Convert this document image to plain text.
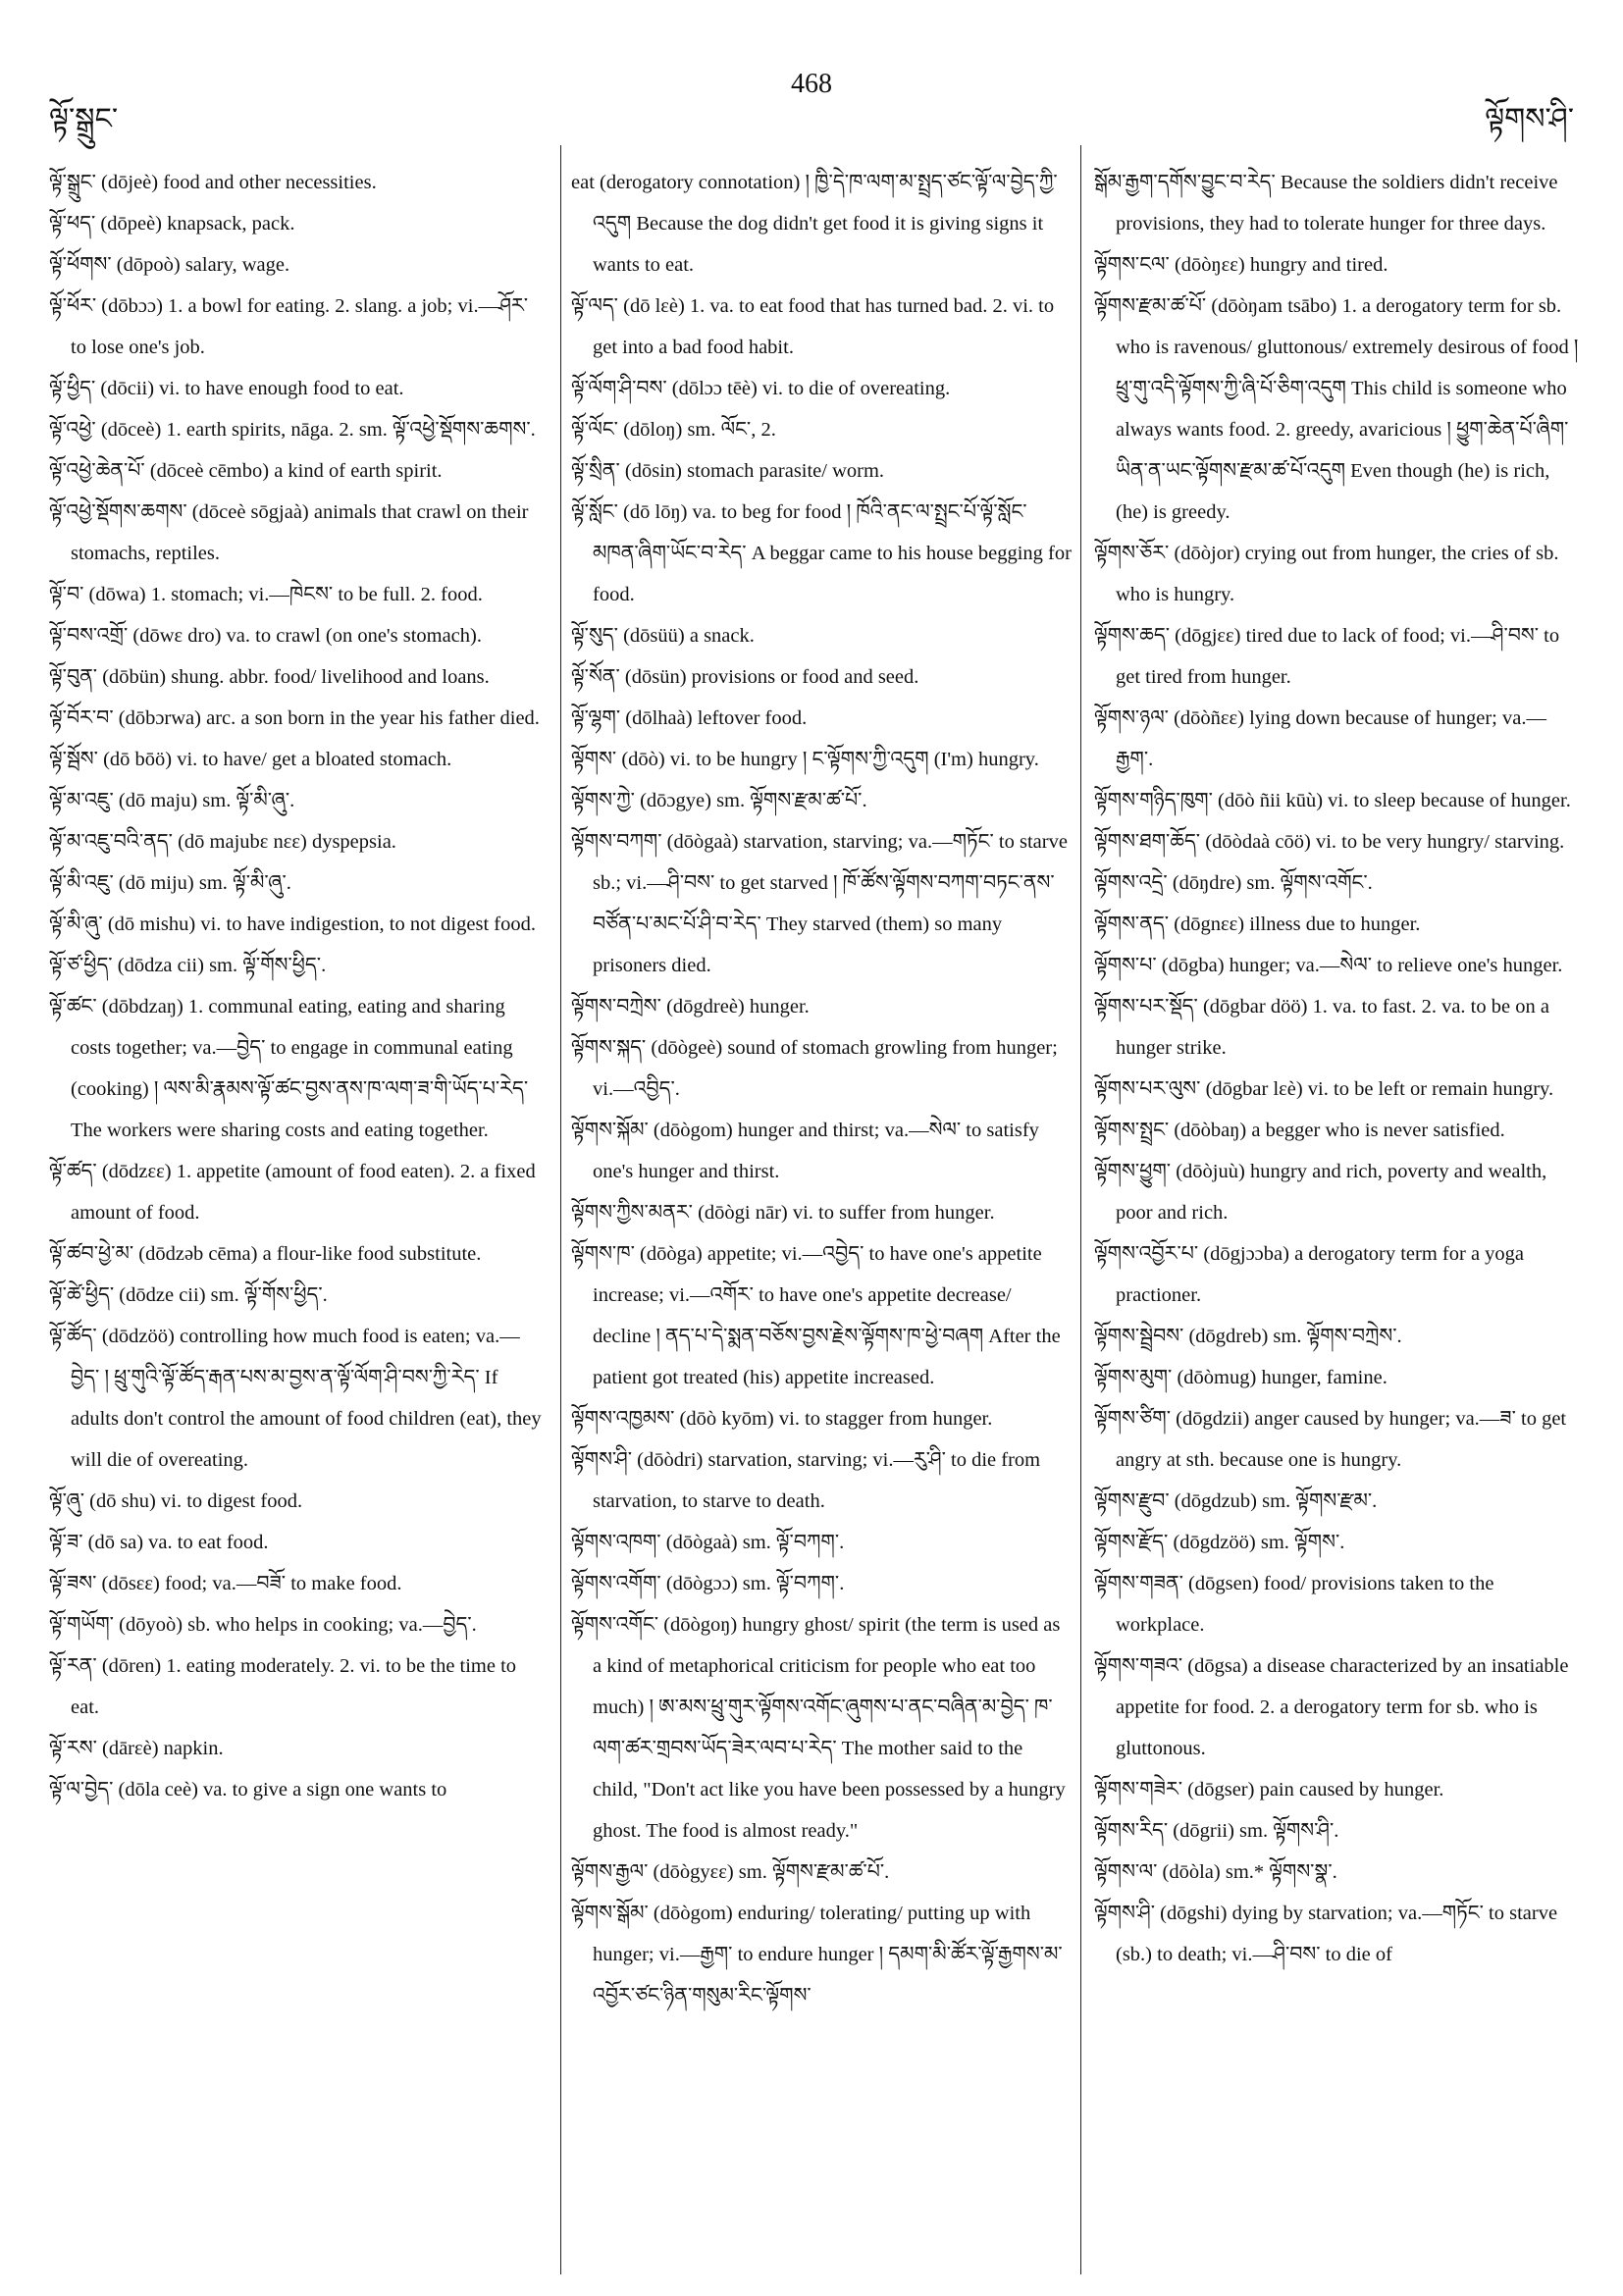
ལྟོ་སྒྲུང་
468
ལྟོགས་ཤི་

ལྟོ་སྒྲུང་ (dōjeè) food and other necessities.

ལྟོ་ཕད་ (dōpeè) knapsack, pack.

ལྟོ་ཕོགས་ (dōpoò) salary, wage.

ལྟོ་ཕོར་ (dōbɔɔ) 1. a bowl for eating. 2. slang. a job; vi.—ཤོར་ to lose one's job.

ལྟོ་ཕྱིད་ (dōcii) vi. to have enough food to eat.

ལྟོ་འཕྱེ་ (dōceè) 1. earth spirits, nāga. 2. sm. ལྟོ་འཕྱེ་སྡོགས་ཆགས་.

ལྟོ་འཕྱེ་ཆེན་པོ་ (dōceè cēmbo) a kind of earth spirit.

ལྟོ་འཕྱེ་སྡོགས་ཆགས་ (dōceè sōgjaà) animals that crawl on their stomachs, reptiles.

ལྟོ་བ་ (dōwa) 1. stomach; vi.—ཁེངས་ to be full. 2. food.

ལྟོ་བས་འགྲོ་ (dōwɛ dro) va. to crawl (on one's stomach).

ལྟོ་བུན་ (dōbün) shung. abbr. food/ livelihood and loans.

ལྟོ་བོར་བ་ (dōbɔrwa) arc. a son born in the year his father died.

ལྟོ་སྦོས་ (dō bōö) vi. to have/ get a bloated stomach.

ལྟོ་མ་འཇུ་ (dō maju) sm. ལྟོ་མི་ཞུ་.

ལྟོ་མ་འཇུ་བའི་ནད་ (dō majubε nεε) dyspepsia.

ལྟོ་མི་འཇུ་ (dō miju) sm. ལྟོ་མི་ཞུ་.

ལྟོ་མི་ཞུ་ (dō mishu) vi. to have indigestion, to not digest food.

ལྟོ་ཙ་ཕྱིད་ (dōdza cii) sm. ལྟོ་གོས་ཕྱིད་.

ལྟོ་ཚང་ (dōbdzaŋ) 1. communal eating, eating and sharing costs together; va.—བྱེད་ to engage in communal eating (cooking) ། ལས་མི་རྣམས་ལྟོ་ཚང་བྱས་ནས་ཁ་ལག་ཟ་གི་ཡོད་པ་རེད་ The workers were sharing costs and eating together.

ལྟོ་ཚད་ (dōdzεε) 1. appetite (amount of food eaten). 2. a fixed amount of food.

ལྟོ་ཚབ་ཕྱེ་མ་ (dōdzəb cēma) a flour-like food substitute.

ལྟོ་ཚེ་ཕྱིད་ (dōdze cii) sm. ལྟོ་གོས་ཕྱིད་.

ལྟོ་ཚོད་ (dōdzöö) controlling how much food is eaten; va.—བྱེད་ ། ཕྲུ་གུའི་ལྟོ་ཚོད་རྒན་པས་མ་བྱས་ན་ལྟོ་ལོག་ཤི་བས་ཀྱི་རེད་ If adults don't control the amount of food children (eat), they will die of overeating.

ལྟོ་ཞུ་ (dō shu) vi. to digest food.

ལྟོ་ཟ་ (dō sa) va. to eat food.

ལྟོ་ཟས་ (dōsεε) food; va.—བཟོ་ to make food.

ལྟོ་གཡོག་ (dōyoò) sb. who helps in cooking; va.—བྱེད་.

ལྟོ་རན་ (dōren) 1. eating moderately. 2. vi. to be the time to eat.

ལྟོ་རས་ (dārεè) napkin.

ལྟོ་ལ་བྱེད་ (dōla ceè) va. to give a sign one wants to

eat (derogatory connotation) ། ཁྱི་དེ་ཁ་ལག་མ་སྤྲད་ཙང་ལྟོ་ལ་བྱེད་ཀྱི་འདུག Because the dog didn't get food it is giving signs it wants to eat.

ལྟོ་ལད་ (dō lεè) 1. va. to eat food that has turned bad. 2. vi. to get into a bad food habit.

ལྟོ་ལོག་ཤི་བས་ (dōlɔɔ tēè) vi. to die of overeating.

ལྟོ་ལོང་ (dōloŋ) sm. ལོང་, 2.

ལྟོ་སྲིན་ (dōsin) stomach parasite/ worm.

ལྟོ་སློང་ (dō lōŋ) va. to beg for food ། ཁོའི་ནང་ལ་སྤྲང་པོ་ལྟོ་སློང་མཁན་ཞིག་ཡོང་བ་རེད་ A beggar came to his house begging for food.

ལྟོ་སུད་ (dōsüü) a snack.

ལྟོ་སོན་ (dōsün) provisions or food and seed.

ལྟོ་ལྷག་ (dōlhaà) leftover food.

ལྟོགས་ (dōò) vi. to be hungry ། ང་ལྟོགས་ཀྱི་འདུག (I'm) hungry.

ལྟོགས་ཀྱེ་ (dōɔgye) sm. ལྟོགས་རྫམ་ཚ་པོ་.

ལྟོགས་བཀག་ (dōògaà) starvation, starving; va.—གཏོང་ to starve sb.; vi.—ཤི་བས་ to get starved ། ཁོ་ཚོས་ལྟོགས་བཀག་བཏང་ནས་བཙོན་པ་མང་པོ་ཤི་བ་རེད་ They starved (them) so many prisoners died.

ལྟོགས་བཀྲེས་ (dōgdreè) hunger.

ལྟོགས་སྐད་ (dōògeè) sound of stomach growling from hunger; vi.—འབྱིད་.

ལྟོགས་སྐོམ་ (dōògom) hunger and thirst; va.—སེལ་ to satisfy one's hunger and thirst.

ལྟོགས་ཀྱིས་མནར་ (dōògi nār) vi. to suffer from hunger.

ལྟོགས་ཁ་ (dōòga) appetite; vi.—འབྱེད་ to have one's appetite increase; vi.—འགོར་ to have one's appetite decrease/ decline ། ནད་པ་དེ་སྨན་བཅོས་བྱས་རྗེས་ལྟོགས་ཁ་ཕྱེ་བཞག After the patient got treated (his) appetite increased.

ལྟོགས་འཁྱམས་ (dōò kyōm) vi. to stagger from hunger.

ལྟོགས་ཤི་ (dōòdri) starvation, starving; vi.—རུ་ཤི་ to die from starvation, to starve to death.

ལྟོགས་འཁག་ (dōògaà) sm. ལྟོ་བཀག་.

ལྟོགས་འགོག་ (dōògɔɔ) sm. ལྟོ་བཀག་.

ལྟོགས་འགོང་ (dōògoŋ) hungry ghost/ spirit (the term is used as a kind of metaphorical criticism for people who eat too much) ། ཨ་མས་ཕྲུ་གུར་ལྟོགས་འགོང་ཞུགས་པ་ནང་བཞིན་མ་བྱེད་ ཁ་ལག་ཚར་གྲབས་ཡོད་ཟེར་ལབ་པ་རེད་ The mother said to the child, "Don't act like you have been possessed by a hungry ghost. The food is almost ready."

ལྟོགས་རྒྱལ་ (dōògyεε) sm. ལྟོགས་རྫམ་ཚ་པོ་.

ལྟོགས་སྒོམ་ (dōògom) enduring/ tolerating/ putting up with hunger; vi.—རྒྱག་ to endure hunger ། དམག་མི་ཚོར་ལྟོ་རྒྱགས་མ་འབྱོར་ཙང་ཉིན་གསུམ་རིང་ལྟོགས་

སྒོམ་རྒྱག་དགོས་བྱུང་བ་རེད་ Because the soldiers didn't receive provisions, they had to tolerate hunger for three days.

ལྟོགས་ངལ་ (dōòŋεε) hungry and tired.

ལྟོགས་རྫམ་ཚ་པོ་ (dōòŋam tsābo) 1. a derogatory term for sb. who is ravenous/ gluttonous/ extremely desirous of food ། ཕྲུ་གུ་འདི་ལྟོགས་ཀྱི་ཞི་པོ་ཅིག་འདུག This child is someone who always wants food. 2. greedy, avaricious ། ཕྱུག་ཆེན་པོ་ཞིག་ཡིན་ན་ཡང་ལྟོགས་རྫམ་ཚ་པོ་འདུག Even though (he) is rich, (he) is greedy.

ལྟོགས་ཅོར་ (dōòjor) crying out from hunger, the cries of sb. who is hungry.

ལྟོགས་ཆད་ (dōgjεε) tired due to lack of food; vi.—ཤི་བས་ to get tired from hunger.

ལྟོགས་ཉལ་ (dōòñεε) lying down because of hunger; va.—རྒྱག་.

ལྟོགས་གཉིད་ཁུག་ (dōò ñii kūù) vi. to sleep because of hunger.

ལྟོགས་ཐག་ཆོད་ (dōòdaà cōö) vi. to be very hungry/ starving.

ལྟོགས་འདྲེ་ (dōŋdre) sm. ལྟོགས་འགོང་.

ལྟོགས་ནད་ (dōgnεε) illness due to hunger.

ལྟོགས་པ་ (dōgba) hunger; va.—སེལ་ to relieve one's hunger.

ལྟོགས་པར་སྡོད་ (dōgbar döö) 1. va. to fast. 2. va. to be on a hunger strike.

ལྟོགས་པར་ལུས་ (dōgbar lεè) vi. to be left or remain hungry.

ལྟོགས་སྤྲང་ (dōòbaŋ) a begger who is never satisfied.

ལྟོགས་ཕྱུག་ (dōòjuù) hungry and rich, poverty and wealth, poor and rich.

ལྟོགས་འབྱོར་པ་ (dōgjɔɔba) a derogatory term for a yoga practioner.

ལྟོགས་སྦྲེབས་ (dōgdreb) sm. ལྟོགས་བཀྲེས་.

ལྟོགས་མུག་ (dōòmug) hunger, famine.

ལྟོགས་ཙིག་ (dōgdzii) anger caused by hunger; va.—ཟ་ to get angry at sth. because one is hungry.

ལྟོགས་རྫུབ་ (dōgdzub) sm. ལྟོགས་རྫམ་.

ལྟོགས་རྫོད་ (dōgdzöö) sm. ལྟོགས་.

ལྟོགས་གཟན་ (dōgsen) food/ provisions taken to the workplace.

ལྟོགས་གཟའ་ (dōgsa) a disease characterized by an insatiable appetite for food. 2. a derogatory term for sb. who is gluttonous.

ལྟོགས་གཟེར་ (dōgser) pain caused by hunger.

ལྟོགས་རིད་ (dōgrii) sm. ལྟོགས་ཤི་.

ལྟོགས་ལ་ (dōòla) sm.* ལྟོགས་སྣ་.

ལྟོགས་ཤི་ (dōgshi) dying by starvation; va.—གཏོང་ to starve (sb.) to death; vi.—ཤི་བས་ to die of
